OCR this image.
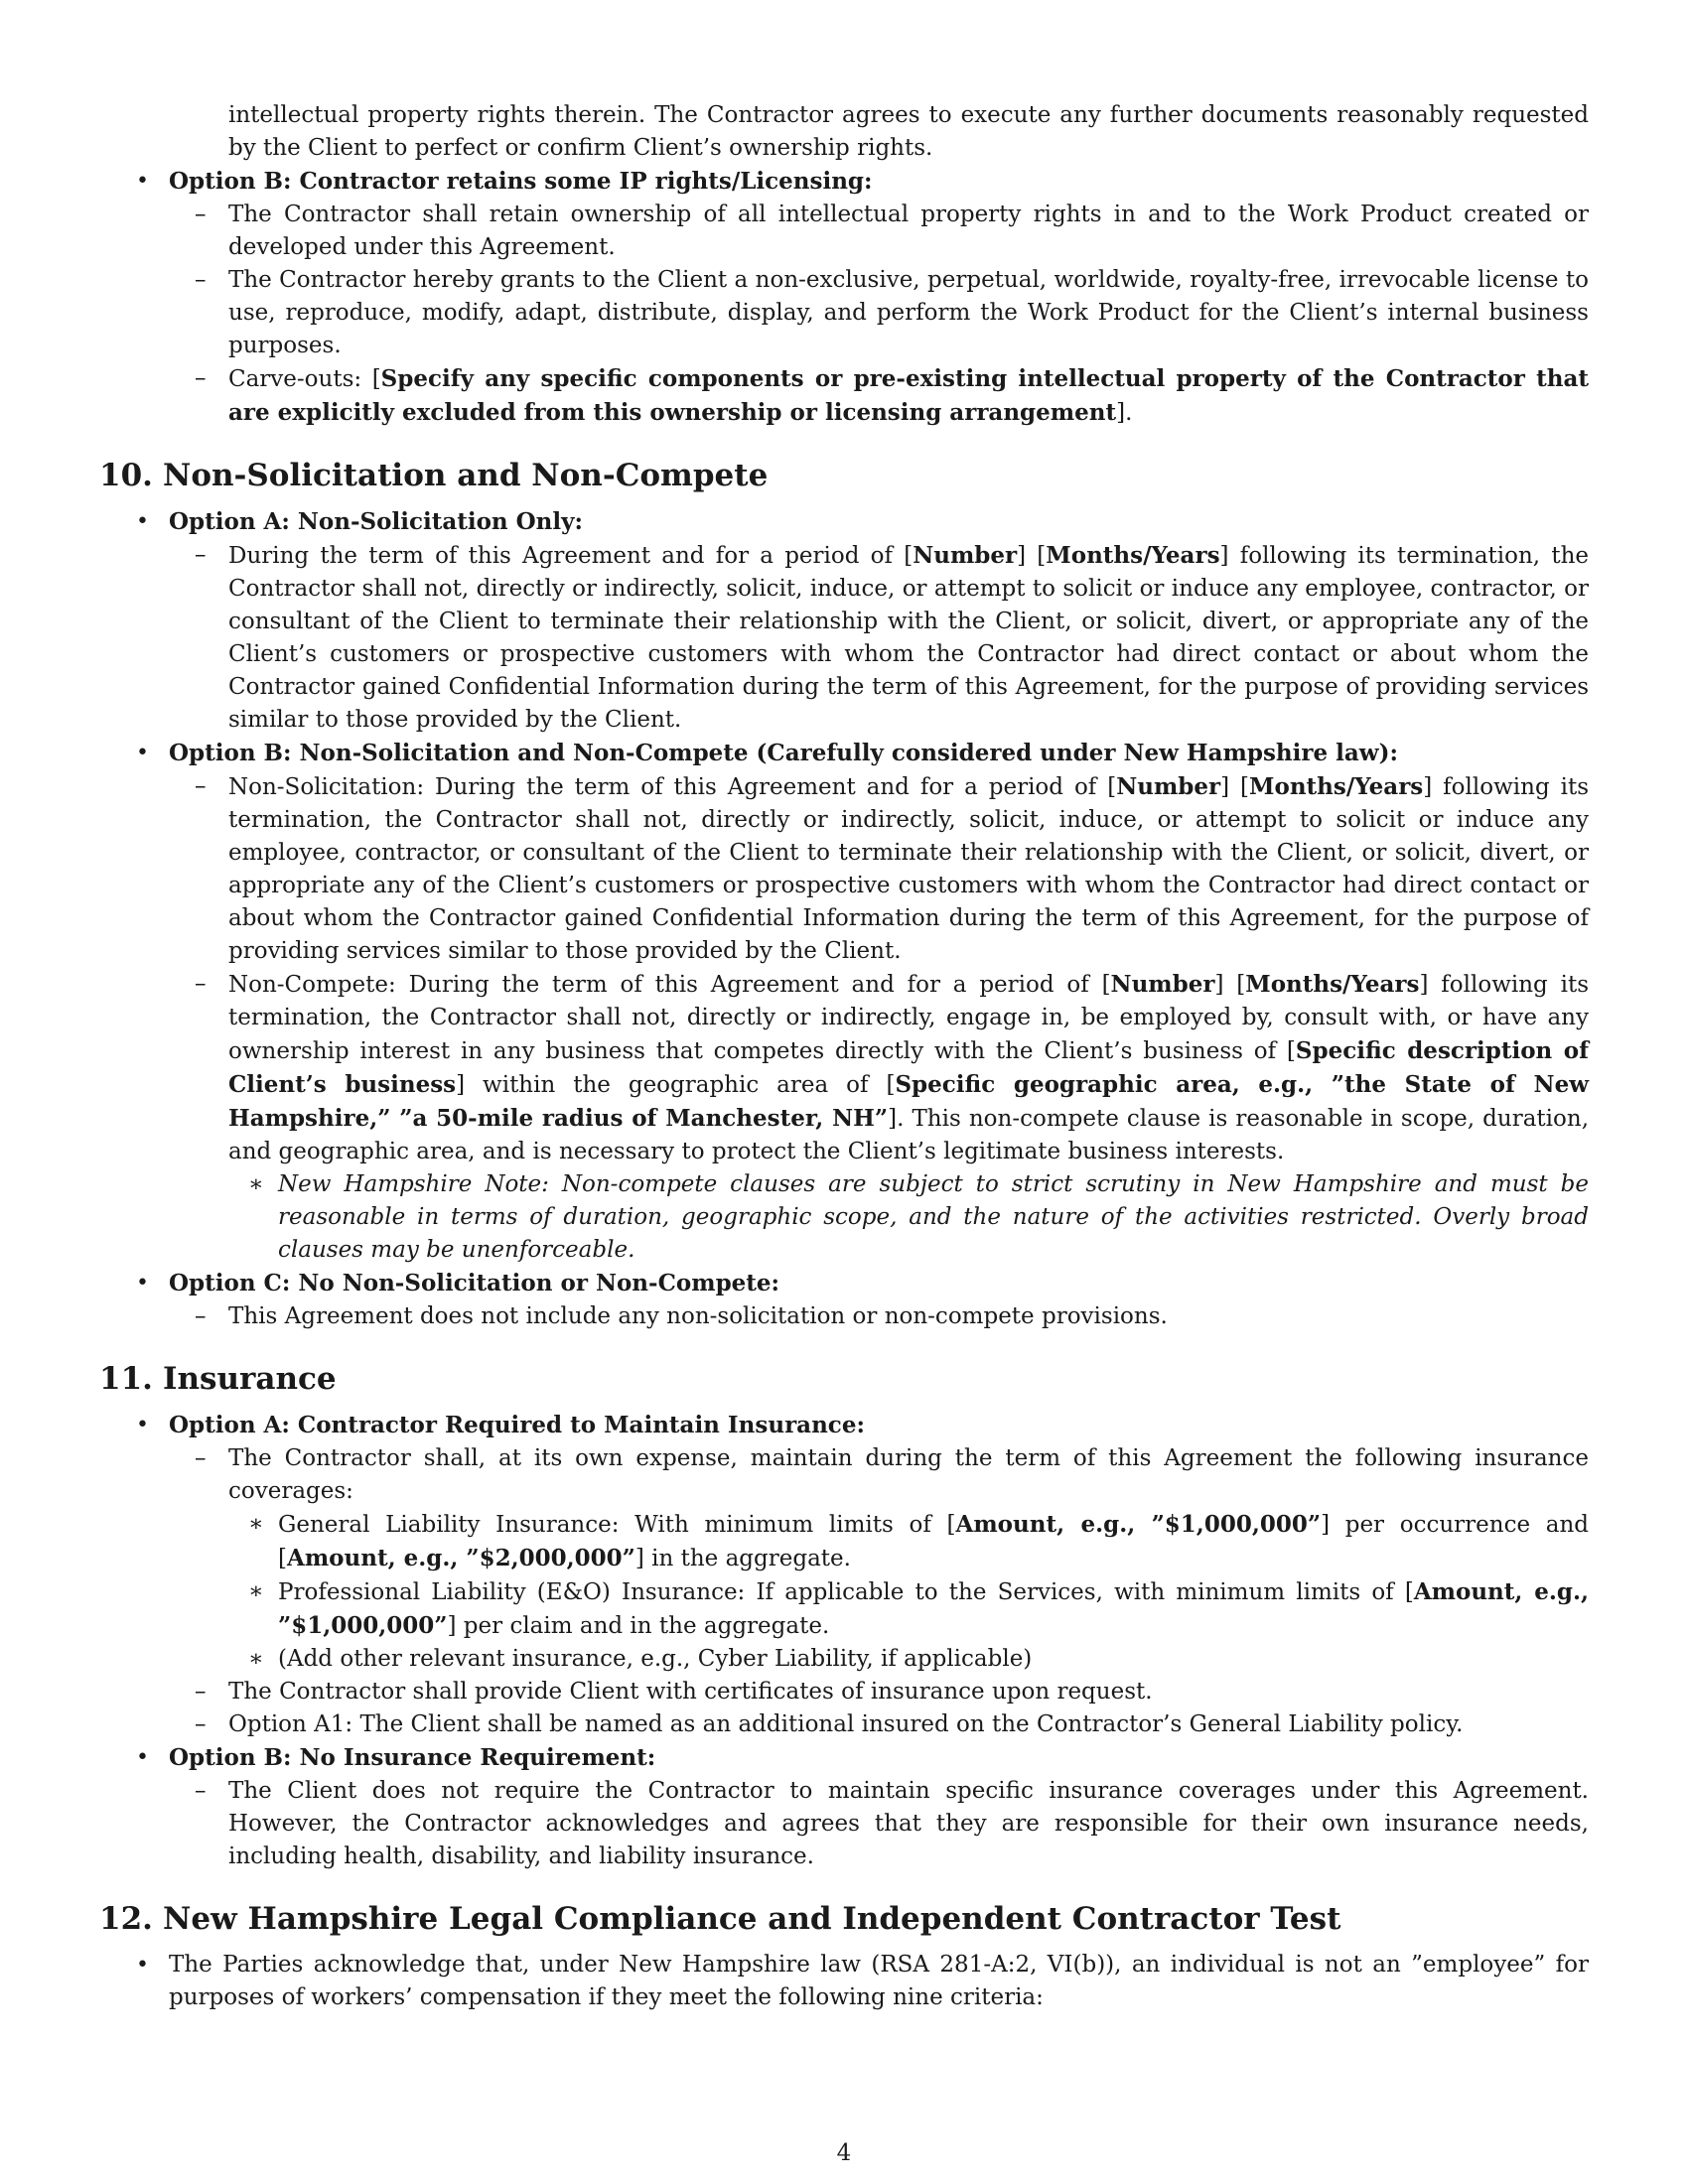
intellectual property rights therein. The Contractor agrees to execute any further documents reasonably requested by the Client to perfect or confirm Client’s ownership rights.
• Option B: Contractor retains some IP rights/Licensing:
– The Contractor shall retain ownership of all intellectual property rights in and to the Work Product created or developed under this Agreement.
– The Contractor hereby grants to the Client a non-exclusive, perpetual, worldwide, royalty-free, irrevocable license to use, reproduce, modify, adapt, distribute, display, and perform the Work Product for the Client’s internal business purposes.
– Carve-outs: [Specify any specific components or pre-existing intellectual property of the Contractor that are explicitly excluded from this ownership or licensing arrangement].
10. Non-Solicitation and Non-Compete
• Option A: Non-Solicitation Only:
– During the term of this Agreement and for a period of [Number] [Months/Years] following its termination, the Contractor shall not, directly or indirectly, solicit, induce, or attempt to solicit or induce any employee, contractor, or consultant of the Client to terminate their relationship with the Client, or solicit, divert, or appropriate any of the Client’s customers or prospective customers with whom the Contractor had direct contact or about whom the Contractor gained Confidential Information during the term of this Agreement, for the purpose of providing services similar to those provided by the Client.
• Option B: Non-Solicitation and Non-Compete (Carefully considered under New Hampshire law):
– Non-Solicitation: During the term of this Agreement and for a period of [Number] [Months/Years] following its termination, the Contractor shall not, directly or indirectly, solicit, induce, or attempt to solicit or induce any employee, contractor, or consultant of the Client to terminate their relationship with the Client, or solicit, divert, or appropriate any of the Client’s customers or prospective customers with whom the Contractor had direct contact or about whom the Contractor gained Confidential Information during the term of this Agreement, for the purpose of providing services similar to those provided by the Client.
– Non-Compete: During the term of this Agreement and for a period of [Number] [Months/Years] following its termination, the Contractor shall not, directly or indirectly, engage in, be employed by, consult with, or have any ownership interest in any business that competes directly with the Client’s business of [Specific description of Client’s business] within the geographic area of [Specific geographic area, e.g., ”the State of New Hampshire,” ”a 50-mile radius of Manchester, NH”]. This non-compete clause is reasonable in scope, duration, and geographic area, and is necessary to protect the Client’s legitimate business interests.
∗ New Hampshire Note: Non-compete clauses are subject to strict scrutiny in New Hampshire and must be reasonable in terms of duration, geographic scope, and the nature of the activities restricted. Overly broad clauses may be unenforceable.
• Option C: No Non-Solicitation or Non-Compete:
– This Agreement does not include any non-solicitation or non-compete provisions.
11. Insurance
• Option A: Contractor Required to Maintain Insurance:
– The Contractor shall, at its own expense, maintain during the term of this Agreement the following insurance coverages:
∗ General Liability Insurance: With minimum limits of [Amount, e.g., ”$1,000,000”] per occurrence and [Amount, e.g., ”$2,000,000”] in the aggregate.
∗ Professional Liability (E&O) Insurance: If applicable to the Services, with minimum limits of [Amount, e.g., ”$1,000,000”] per claim and in the aggregate.
∗ (Add other relevant insurance, e.g., Cyber Liability, if applicable)
– The Contractor shall provide Client with certificates of insurance upon request.
– Option A1: The Client shall be named as an additional insured on the Contractor’s General Liability policy.
• Option B: No Insurance Requirement:
– The Client does not require the Contractor to maintain specific insurance coverages under this Agreement. However, the Contractor acknowledges and agrees that they are responsible for their own insurance needs, including health, disability, and liability insurance.
12. New Hampshire Legal Compliance and Independent Contractor Test
• The Parties acknowledge that, under New Hampshire law (RSA 281-A:2, VI(b)), an individual is not an ”employee” for purposes of workers’ compensation if they meet the following nine criteria:
4
